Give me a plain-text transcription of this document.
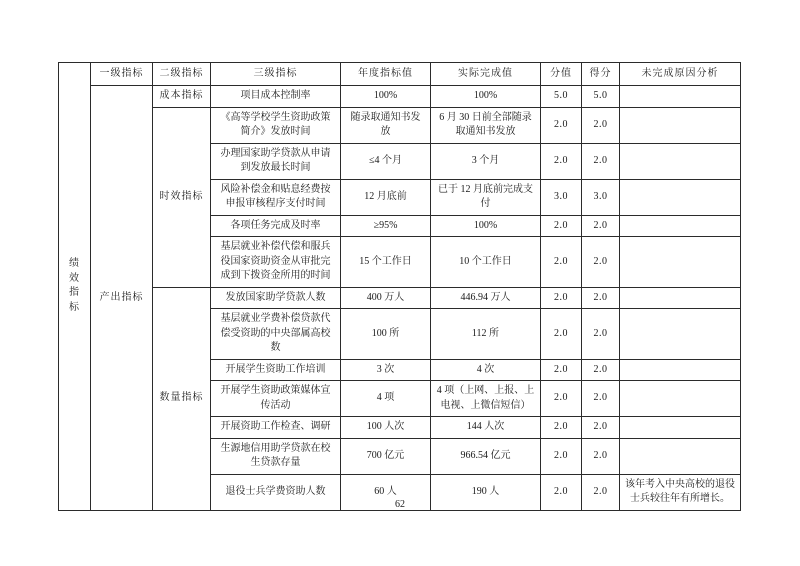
绩效指标	一级指标	二级指标	三级指标	年度指标值	实际完成值	分值	得分	未完成原因分析
	产出指标	成本指标	项目成本控制率	100%	100%	5.0	5.0	
		时效指标	《高等学校学生资助政策简介》发放时间	随录取通知书发放	6 月 30 日前全部随录取通知书发放	2.0	2.0	
			办理国家助学贷款从申请到发放最长时间	≤4 个月	3 个月	2.0	2.0	
			风险补偿金和贴息经费按申报审核程序支付时间	12 月底前	已于 12 月底前完成支付	3.0	3.0	
			各项任务完成及时率	≥95%	100%	2.0	2.0	
			基层就业补偿代偿和服兵役国家资助资金从审批完成到下拨资金所用的时间	15 个工作日	10 个工作日	2.0	2.0	
		数量指标	发放国家助学贷款人数	400 万人	446.94 万人	2.0	2.0	
			基层就业学费补偿贷款代偿受资助的中央部属高校数	100 所	112 所	2.0	2.0	
			开展学生资助工作培训	3 次	4 次	2.0	2.0	
			开展学生资助政策媒体宣传活动	4 项	4 项（上网、上报、上电视、上微信短信）	2.0	2.0	
			开展资助工作检查、调研	100 人次	144 人次	2.0	2.0	
			生源地信用助学贷款在校生贷款存量	700 亿元	966.54 亿元	2.0	2.0	
			退役士兵学费资助人数	60 人	190 人	2.0	2.0	该年考入中央高校的退役士兵较往年有所增长。
62
